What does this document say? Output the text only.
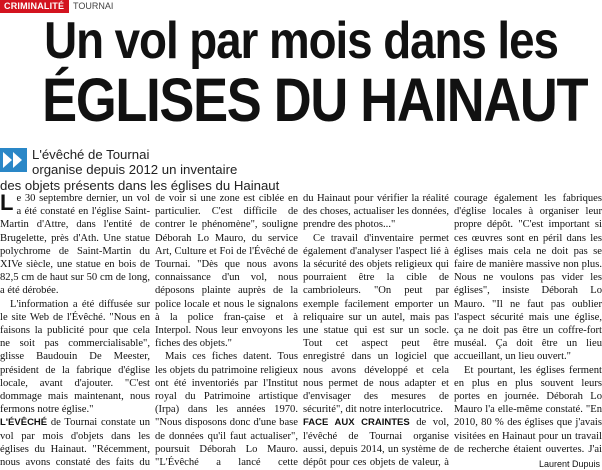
CRIMINALITÉ TOURNAI
Un vol par mois dans les
ÉGLISES DU HAINAUT
L'évêché de Tournai
organise depuis 2012 un inventaire
des objets présents dans les églises du Hainaut

Le 30 septembre dernier, un vol a été constaté en l'église Saint-Martin d'Attre, dans l'entité de Brugelette, près d'Ath. Une statue polychrome de Saint-Martin du XIVe siècle, une statue en bois de 82,5 cm de haut sur 50 cm de long, a été dérobée.

L'information a été diffusée sur le site Web de l'Évêché. "Nous en faisons la publicité pour que cela ne soit pas commercialisable", glisse Baudouin De Meester, président de la fabrique d'église locale, avant d'ajouter. "C'est dommage mais maintenant, nous fermons notre église."

L'ÉVÊCHÉ de Tournai constate un vol par mois d'objets dans les églises du Hainaut. "Récemment, nous avons constaté des faits du

de voir si une zone est ciblée en particulier. C'est difficile de contrer le phénomène", souligne Déborah Lo Mauro, du service Art, Culture et Foi de l'Évêché de Tournai. "Dès que nous avons connaissance d'un vol, nous déposons plainte auprès de la police locale et nous le signalons à la police fran-çaise et à Interpol. Nous leur envoyons les fiches des objets."

Mais ces fiches datent. Tous les objets du patrimoine religieux ont été inventoriés par l'Institut royal du Patrimoine artistique (Irpa) dans les années 1970. "Nous disposons donc d'une base de données qu'il faut actualiser", poursuit Déborah Lo Mauro. "L'Évêché a lancé cette

du Hainaut pour vérifier la réalité des choses, actualiser les données, prendre des photos..."

Ce travail d'inventaire permet également d'analyser l'aspect lié à la sécurité des objets religieux qui pourraient être la cible de cambrioleurs. "On peut par exemple facilement emporter un reliquaire sur un autel, mais pas une statue qui est sur un socle. Tout cet aspect peut être enregistré dans un logiciel que nous avons développé et cela nous permet de nous adapter et d'envisager des mesures de sécurité", dit notre interlocutrice.

FACE AUX CRAINTES de vol, l'évêché de Tournai organise aussi, depuis 2014, un système de dépôt pour ces objets de valeur, à

courage également les fabriques d'église locales à organiser leur propre dépôt. "C'est important si ces œuvres sont en péril dans les églises mais cela ne doit pas se faire de manière massive non plus. Nous ne voulons pas vider les églises", insiste Déborah Lo Mauro. "Il ne faut pas oublier l'aspect sécurité mais une église, ça ne doit pas être un coffre-fort muséal. Ça doit être un lieu accueillant, un lieu ouvert."

Et pourtant, les églises ferment en plus en plus souvent leurs portes en journée. Déborah Lo Mauro l'a elle-même constaté. "En 2010, 80 % des églises que j'avais visitées en Hainaut pour un travail de recherche étaient ouvertes. J'ai

Laurent Dupuis
